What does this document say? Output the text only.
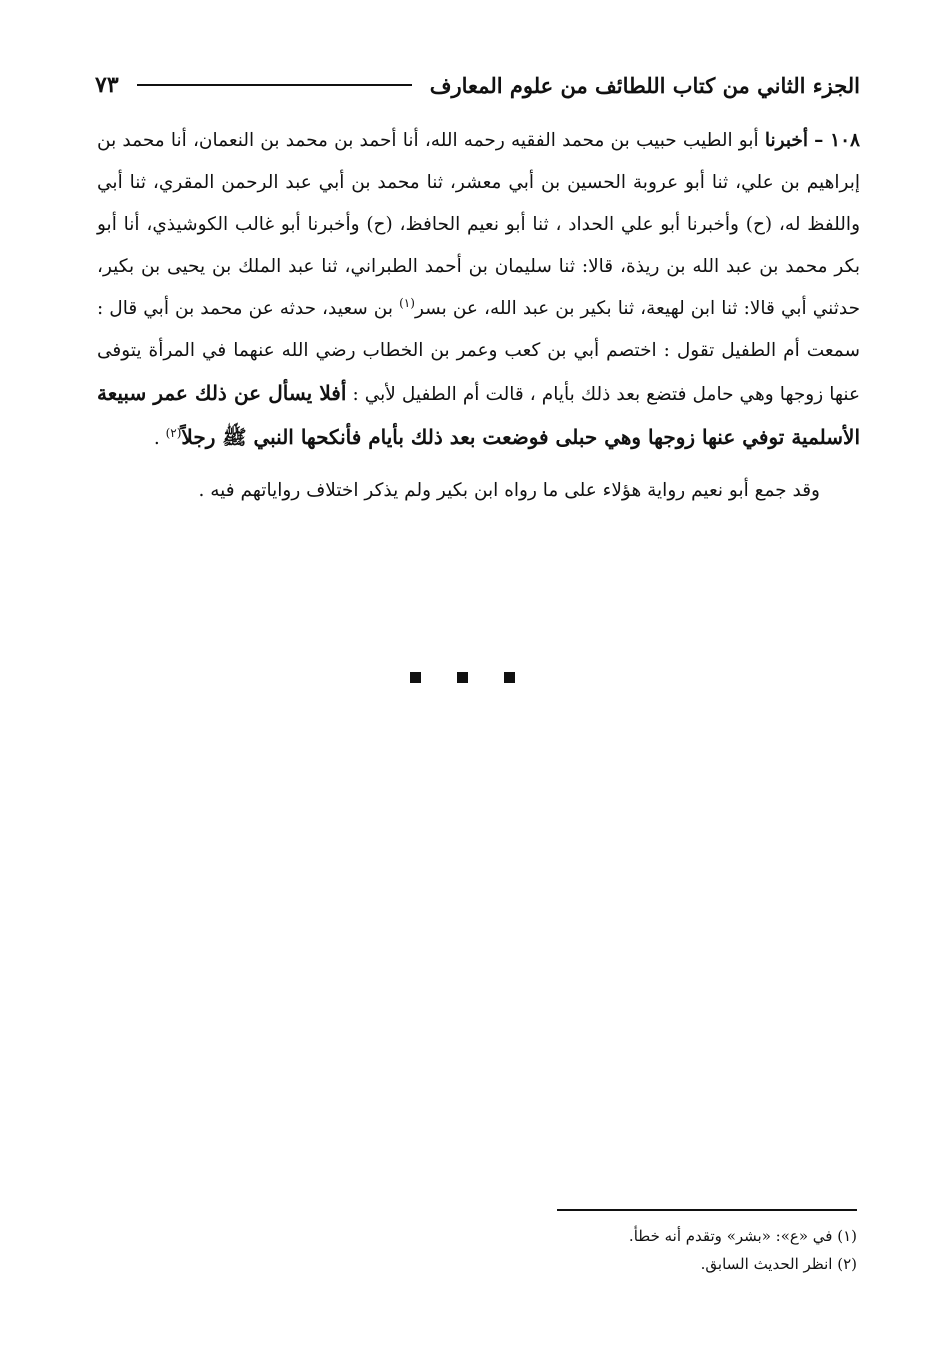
الجزء الثاني من كتاب اللطائف من علوم المعارف
٧٣

١٠٨ – أخبرنا أبو الطيب حبيب بن محمد الفقيه رحمه الله، أنا أحمد بن محمد بن النعمان، أنا محمد بن إبراهيم بن علي، ثنا أبو عروبة الحسين بن أبي معشر، ثنا محمد بن أبي عبد الرحمن المقري، ثنا أبي واللفظ له، (ح) وأخبرنا أبو علي الحداد ، ثنا أبو نعيم الحافظ، (ح) وأخبرنا أبو غالب الكوشيذي، أنا أبو بكر محمد بن عبد الله بن ريذة، قالا: ثنا سليمان بن أحمد الطبراني، ثنا عبد الملك بن يحيى بن بكير، حدثني أبي قالا: ثنا ابن لهيعة، ثنا بكير بن عبد الله، عن بسر$^{(١)}$ بن سعيد، حدثه عن محمد بن أبي قال : سمعت أم الطفيل تقول : اختصم أبي بن كعب وعمر بن الخطاب رضي الله عنهما في المرأة يتوفى عنها زوجها وهي حامل فتضع بعد ذلك بأيام ، قالت أم الطفيل لأبي : أفلا يسأل عن ذلك عمر سبيعة الأسلمية توفي عنها زوجها وهي حبلى فوضعت بعد ذلك بأيام فأنكحها النبي ﷺ رجلاً$^{(٢)}$ .

وقد جمع أبو نعيم رواية هؤلاء على ما رواه ابن بكير ولم يذكر اختلاف رواياتهم فيه .

(١) في «ع»: «بشر» وتقدم أنه خطأ.

(٢) انظر الحديث السابق.
